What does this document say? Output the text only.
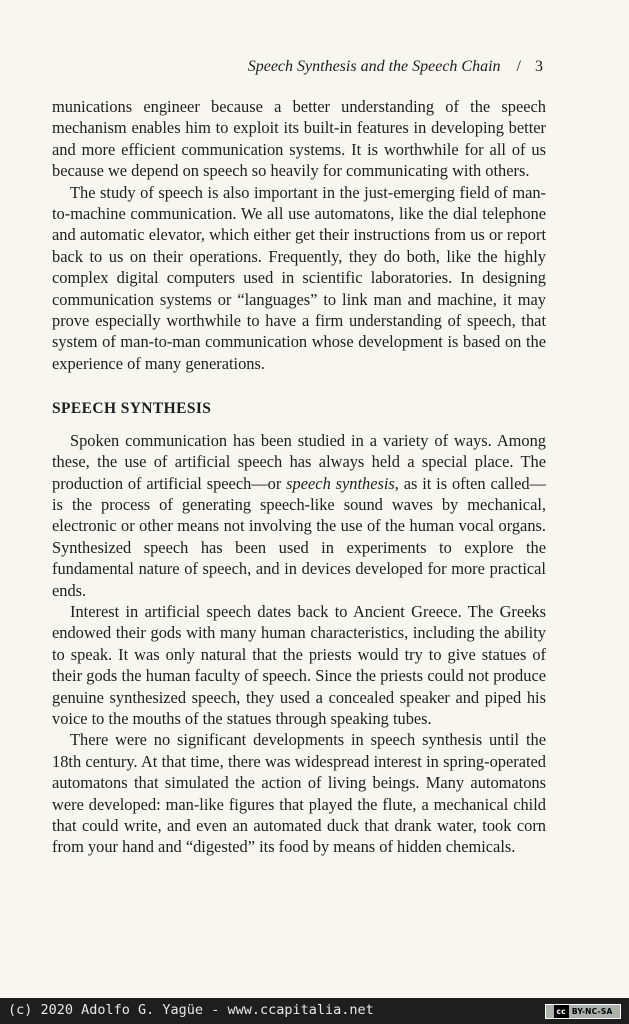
Speech Synthesis and the Speech Chain / 3

munications engineer because a better understanding of the speech mechanism enables him to exploit its built-in features in developing better and more efficient communication systems. It is worthwhile for all of us because we depend on speech so heavily for communicating with others.

The study of speech is also important in the just-emerging field of man-to-machine communication. We all use automatons, like the dial telephone and automatic elevator, which either get their instructions from us or report back to us on their operations. Frequently, they do both, like the highly complex digital computers used in scientific laboratories. In designing communication systems or “languages” to link man and machine, it may prove especially worthwhile to have a firm understanding of speech, that system of man-to-man communication whose development is based on the experience of many generations.

SPEECH SYNTHESIS

Spoken communication has been studied in a variety of ways. Among these, the use of artificial speech has always held a special place. The production of artificial speech—or speech synthesis, as it is often called—is the process of generating speech-like sound waves by mechanical, electronic or other means not involving the use of the human vocal organs. Synthesized speech has been used in experiments to explore the fundamental nature of speech, and in devices developed for more practical ends.

Interest in artificial speech dates back to Ancient Greece. The Greeks endowed their gods with many human characteristics, including the ability to speak. It was only natural that the priests would try to give statues of their gods the human faculty of speech. Since the priests could not produce genuine synthesized speech, they used a concealed speaker and piped his voice to the mouths of the statues through speaking tubes.

There were no significant developments in speech synthesis until the 18th century. At that time, there was widespread interest in spring-operated automatons that simulated the action of living beings. Many automatons were developed: man-like figures that played the flute, a mechanical child that could write, and even an automated duck that drank water, took corn from your hand and “digested” its food by means of hidden chemicals.

(c) 2020 Adolfo G. Yagüe - www.ccapitalia.net	cc BY-NC-SA
